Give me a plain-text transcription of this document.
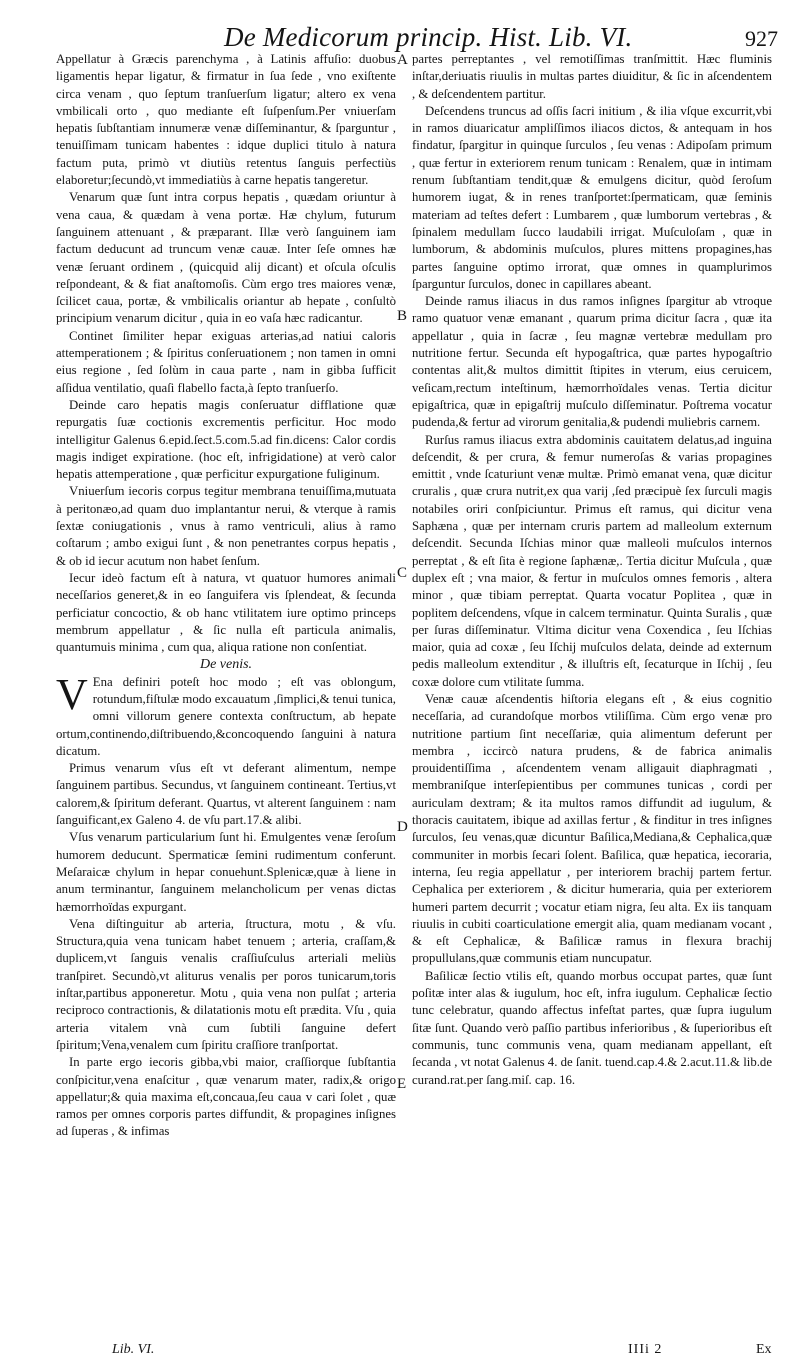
De Medicorum princip. Hist. Lib. VI.	927

Appellatur à Græcis parenchyma , à Latinis affuſio: duobus ligamentis hepar ligatur, & firmatur in ſua ſede , vno exiſtente circa venam , quo ſeptum tranſuerſum ligatur; altero ex vena vmbilicali orto , quo mediante eſt ſuſpenſum.Per vniuerſam hepatis ſubſtantiam innumeræ venæ diſſeminantur, & ſparguntur , tenuiſſimam tunicam habentes : idque duplici titulo à natura factum puta, primò vt diutiùs retentus ſanguis perfectiùs elaboretur;ſecundò,vt immediatiùs à carne hepatis tangeretur.

Venarum quæ ſunt intra corpus hepatis , quædam oriuntur à vena caua, & quædam à vena portæ. Hæ chylum, futurum ſanguinem attenuant , & præparant. Illæ verò ſanguinem iam factum deducunt ad truncum venæ cauæ. Inter ſeſe omnes hæ venæ ſeruant ordinem , (quicquid alij dicant) et oſcula oſculis reſpondeant, & & fiat anaſtomoſis. Cùm ergo tres maiores venæ, ſcilicet caua, portæ, & vmbilicalis oriantur ab hepate , conſultò principium venarum dicitur , quia in eo vaſa hæc radicantur.

Continet ſimiliter hepar exiguas arterias,ad natiui caloris attemperationem ; & ſpiritus conſeruationem ; non tamen in omni eius regione , ſed ſolùm in caua parte , nam in gibba ſufficit aſſidua ventilatio, quaſi flabello facta,à ſepto tranſuerſo.

Deinde caro hepatis magis conſeruatur difflatione quæ repurgatis ſuæ coctionis excrementis perficitur. Hoc modo intelligitur Galenus 6.epid.ſect.5.com.5.ad fin.dicens: Calor cordis magis indiget expiratione. (hoc eſt, infrigidatione) at verò calor hepatis attemperatione , quæ perficitur expurgatione fuliginum.

Vniuerſum iecoris corpus tegitur membrana tenuiſſima,mutuata à peritonæo,ad quam duo implantantur nerui, & vterque à ramis ſextæ coniugationis , vnus à ramo ventriculi, alius à ramo coſtarum ; ambo exigui ſunt , & non penetrantes corpus hepatis , & ob id iecur acutum non habet ſenſum.

Iecur ideò factum eſt à natura, vt quatuor humores animali neceſſarios generet,& in eo ſanguifera vis ſplendeat, & ſecunda perficiatur concoctio, & ob hanc vtilitatem iure optimo princeps membrum appellatur , & ſic nulla eſt particula animalis, quantumuis minima , cum qua, aliqua ratione non conſentiat.

De venis.

V Ena definiri poteſt hoc modo ; eſt vas oblongum, rotundum,fiſtulæ modo excauatum ,ſimplici,& tenui tunica, omni villorum genere contexta conſtructum, ab hepate ortum,continendo,diſtribuendo,&concoquendo ſanguini à natura dicatum.

Primus venarum vſus eſt vt deferant alimentum, nempe ſanguinem partibus. Secundus, vt ſanguinem contineant. Tertius,vt calorem,& ſpiritum deferant. Quartus, vt alterent ſanguinem : nam ſanguificant,ex Galeno 4. de vſu part.17.& alibi.

Vſus venarum particularium ſunt hi. Emulgentes venæ ſeroſum humorem deducunt. Spermaticæ ſemini rudimentum conferunt. Meſaraicæ chylum in hepar conuehunt.Splenicæ,quæ à liene in anum terminantur, ſanguinem melancholicum per venas dictas hæmorrhoïdas expurgant.

Vena diſtinguitur ab arteria, ſtructura, motu , & vſu. Structura,quia vena tunicam habet tenuem ; arteria, craſſam,& duplicem,vt ſanguis venalis craſſiuſculus arteriali meliùs tranſpiret. Secundò,vt aliturus venalis per poros tunicarum,toris inſtar,partibus apponeretur. Motu , quia vena non pulſat ; arteria reciproco contractionis, & dilatationis motu eſt prædita. Vſu , quia arteria vitalem vnà cum ſubtili ſanguine defert ſpiritum;Vena,venalem cum ſpiritu craſſiore tranſportat.

In parte ergo iecoris gibba,vbi maior, craſſiorque ſubſtantia conſpicitur,vena enaſcitur , quæ venarum mater, radix,& origo appellatur;& quia maxima eſt,concaua,ſeu caua v cari ſolet , quæ ramos per omnes corporis partes diffundit, & propagines inſignes ad ſuperas , & infimas

A
B
C
D
E

partes perreptantes , vel remotiſſimas tranſmittit. Hæc fluminis inſtar,deriuatis riuulis in multas partes diuiditur, & ſic in aſcendentem , & deſcendentem partitur.

Deſcendens truncus ad oſſis ſacri initium , & ilia vſque excurrit,vbi in ramos diuaricatur ampliſſimos iliacos dictos, & antequam in hos findatur, ſpargitur in quinque ſurculos , ſeu venas : Adipoſam primum , quæ fertur in exteriorem renum tunicam : Renalem, quæ in intimam renum ſubſtantiam tendit,quæ & emulgens dicitur, quòd ſeroſum humorem iugat, & in renes tranſportet:ſpermaticam, quæ ſeminis materiam ad teſtes defert : Lumbarem , quæ lumborum vertebras , & ſpinalem medullam ſucco laudabili irrigat. Muſculoſam , quæ in lumborum, & abdominis muſculos, plures mittens propagines,has partes ſanguine optimo irrorat, quæ omnes in quamplurimos ſparguntur ſurculos, donec in capillares abeant.

Deinde ramus iliacus in dus ramos inſignes ſpargitur ab vtroque ramo quatuor venæ emanant , quarum prima dicitur ſacra , quæ ita appellatur , quia in ſacræ , ſeu magnæ vertebræ medullam pro nutritione fertur. Secunda eſt hypogaſtrica, quæ partes hypogaſtrio contentas alit,& multos dimittit ſtipites in vterum, eius ceruicem, veſicam,rectum inteſtinum, hæmorrhoïdales venas. Tertia dicitur epigaſtrica, quæ in epigaſtrij muſculo diſſeminatur. Poſtrema vocatur pudenda,& fertur ad virorum genitalia,& pudendi muliebris carnem.

Rurſus ramus iliacus extra abdominis cauitatem delatus,ad inguina deſcendit, & per crura, & femur numeroſas & varias propagines emittit , vnde ſcaturiunt venæ multæ. Primò emanat vena, quæ dicitur cruralis , quæ crura nutrit,ex qua varij ,ſed præcipuè ſex ſurculi magis notabiles oriri conſpiciuntur. Primus eſt ramus, qui dicitur vena Saphæna , quæ per internam cruris partem ad malleolum externum deſcendit. Secunda Iſchias minor quæ malleoli muſculos internos perreptat , & eſt ſita è regione ſaphænæ,. Tertia dicitur Muſcula , quæ duplex eſt ; vna maior, & fertur in muſculos omnes femoris , altera minor , quæ tibiam perreptat. Quarta vocatur Poplitea , quæ in poplitem deſcendens, vſque in calcem terminatur. Quinta Suralis , quæ per ſuras diſſeminatur. Vltima dicitur vena Coxendica , ſeu Iſchias maior, quia ad coxæ , ſeu Iſchij muſculos delata, deinde ad externum pedis malleolum extenditur , & illuſtris eſt, ſecaturque in Iſchij , ſeu coxæ dolore cum vtilitate ſumma.

Venæ cauæ aſcendentis hiſtoria elegans eſt , & eius cognitio neceſſaria, ad curandoſque morbos vtiliſſima. Cùm ergo venæ pro nutritione partium ſint neceſſariæ, quia alimentum deferunt per membra , iccircò natura prudens, & de fabrica animalis prouidentiſſima , aſcendentem venam alligauit diaphragmati , membraniſque interſepientibus per communes tunicas , cordi per auriculam dextram; & ita multos ramos diffundit ad iugulum, & thoracis cauitatem, ibique ad axillas fertur , & finditur in tres inſignes ſurculos, ſeu venas,quæ dicuntur Baſilica,Mediana,& Cephalica,quæ communiter in morbis ſecari ſolent. Baſilica, quæ hepatica, iecoraria, interna, ſeu regia appellatur , per interiorem brachij partem fertur. Cephalica per exteriorem , & dicitur humeraria, quia per exteriorem humeri partem decurrit ; vocatur etiam nigra, ſeu alta. Ex iis tanquam riuulis in cubiti coarticulatione emergit alia, quam medianam vocant , & eſt Cephalicæ, & Baſilicæ ramus in flexura brachij propullulans,quæ communis etiam nuncupatur.

Baſilicæ ſectio vtilis eſt, quando morbus occupat partes, quæ ſunt poſitæ inter alas & iugulum, hoc eſt, infra iugulum. Cephalicæ ſectio tunc celebratur, quando affectus infeſtat partes, quæ ſupra iugulum ſitæ ſunt. Quando verò paſſio partibus inferioribus , & ſuperioribus eſt communis, tunc communis vena, quam medianam appellant, eſt ſecanda , vt notat Galenus 4. de ſanit. tuend.cap.4.& 2.acut.11.& lib.de curand.rat.per ſang.miſ. cap. 16.

Lib. VI.	IIIi 2	Ex
